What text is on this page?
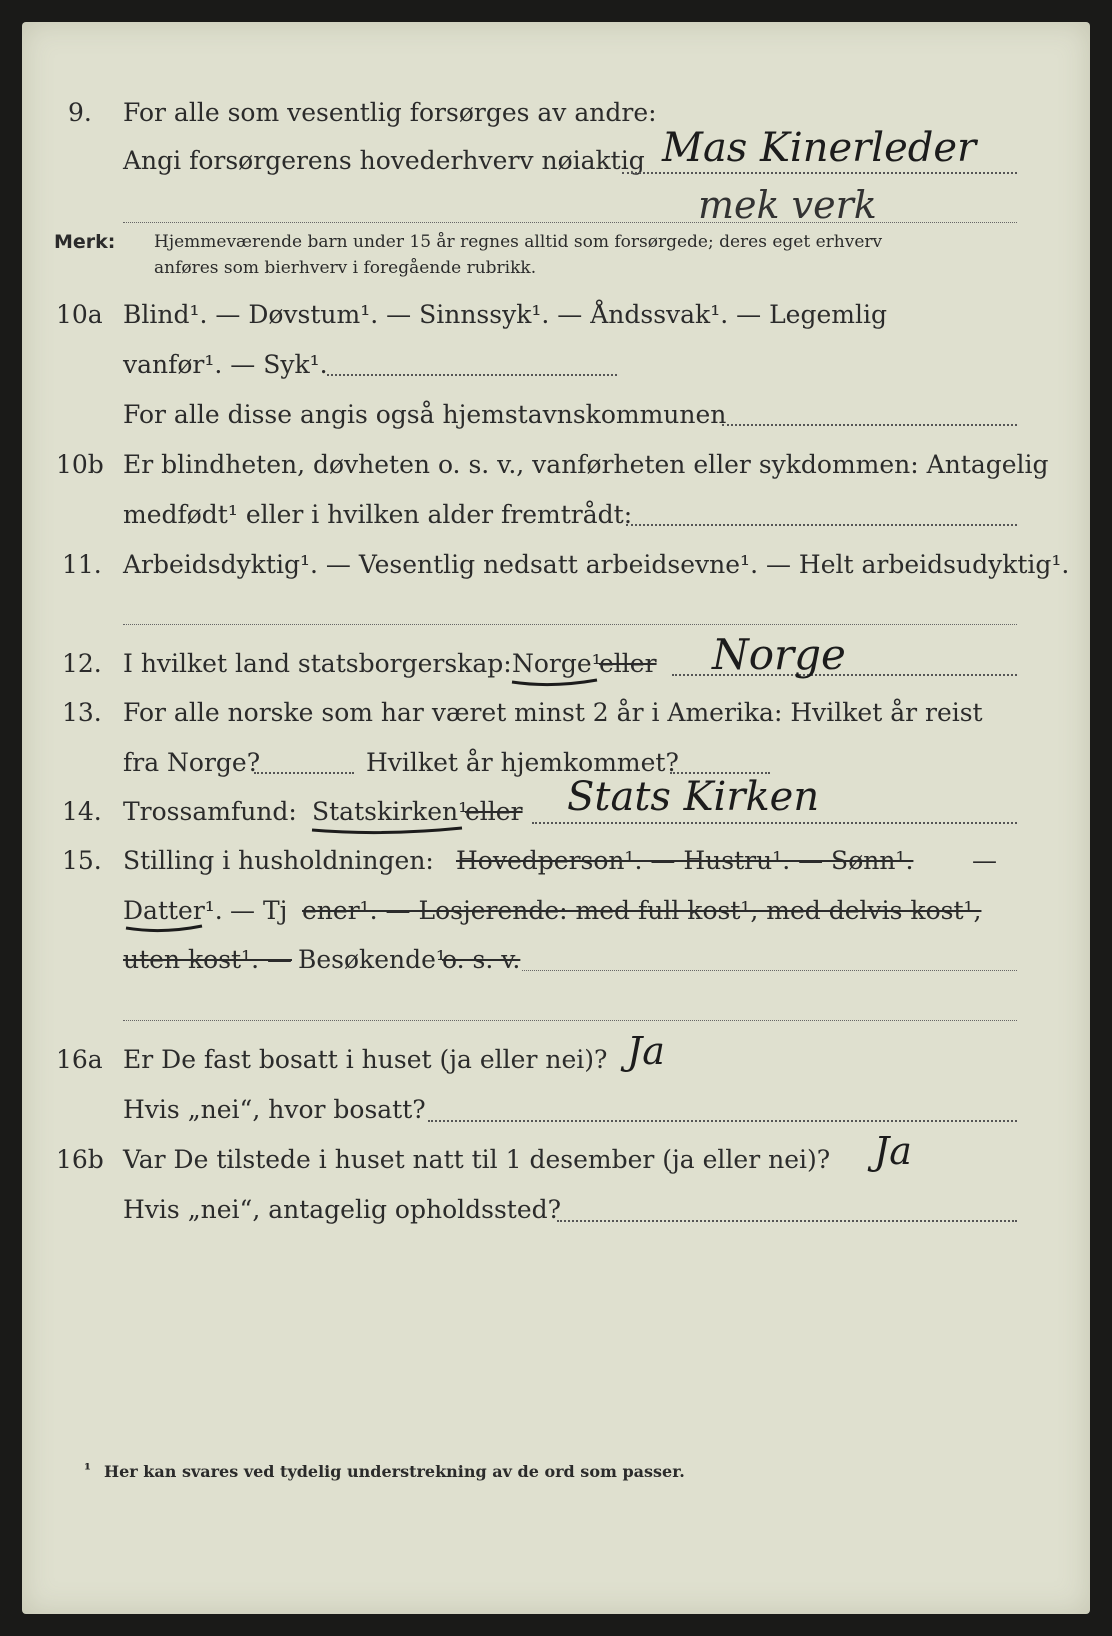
9. For alle som vesentlig forsørges av andre:
Angi forsørgerens hovederhverv nøiaktig Mas Kinerleder
mek verk
Merk: Hjemmeværende barn under 15 år regnes alltid som forsørgede; deres eget erhverv
anføres som bierhverv i foregående rubrikk.
10a Blind¹. — Døvstum¹. — Sinnssyk¹. — Åndssvak¹. — Legemlig
vanfør¹. — Syk¹.
For alle disse angis også hjemstavnskommunen
10b Er blindheten, døvheten o. s. v., vanførheten eller sykdommen: Antagelig
medfødt¹ eller i hvilken alder fremtrådt:
11. Arbeidsdyktig¹. — Vesentlig nedsatt arbeidsevne¹. — Helt arbeidsudyktig¹.
12. I hvilket land statsborgerskap: Norge¹
eller Norge
13. For alle norske som har været minst 2 år i Amerika: Hvilket år reist
fra Norge?	Hvilket år hjemkommet?
14. Trossamfund: Statskirken¹
eller Stats Kirken
15. Stilling i husholdningen: Hovedperson¹. — Hustru¹. — Sønn¹. —
Datter¹. — Tj ener¹. — Losjerende: med full kost¹, med delvis kost¹,
uten kost¹. — Besøkende¹
o. s. v.
16a Er De fast bosatt i huset (ja eller nei)? Ja
Hvis „nei“, hvor bosatt?
16b Var De tilstede i huset natt til 1 desember (ja eller nei)? Ja
Hvis „nei“, antagelig opholdssted?
¹ Her kan svares ved tydelig understrekning av de ord som passer.
